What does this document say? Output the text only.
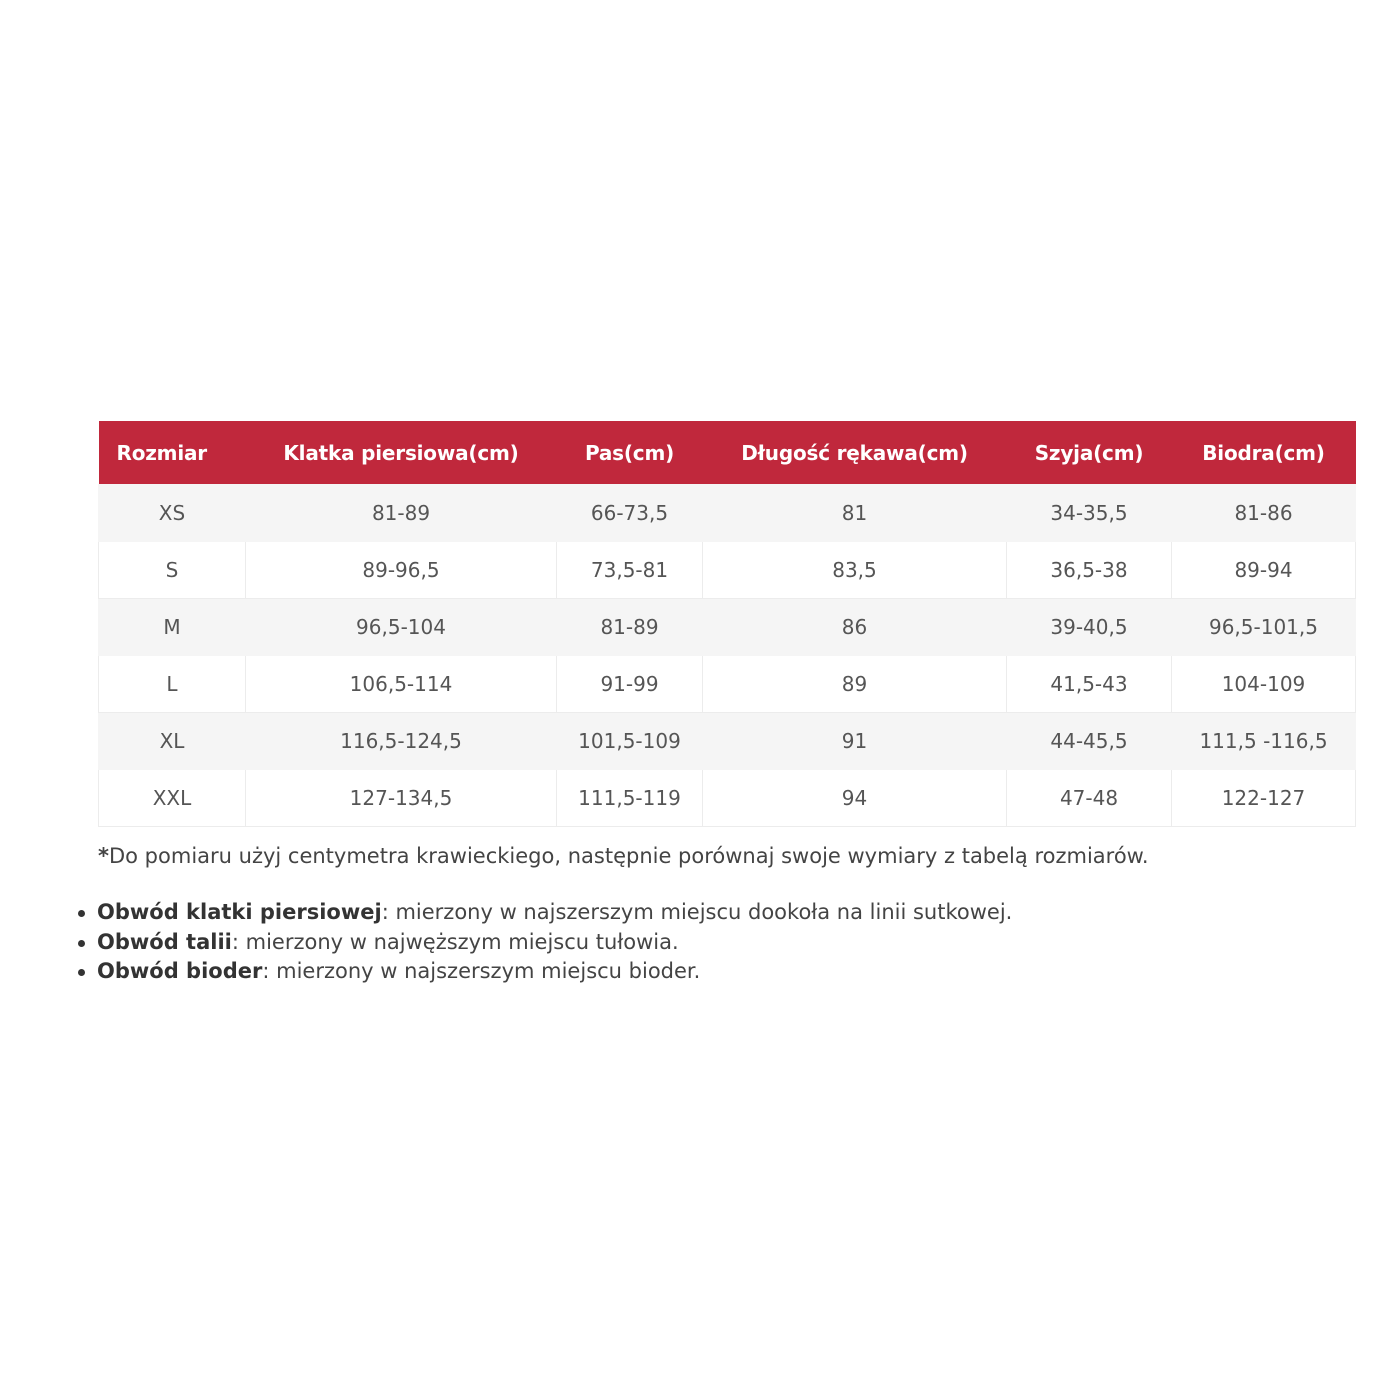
Rozmiar	Klatka piersiowa(cm)	Pas(cm)	Długość rękawa(cm)	Szyja(cm)	Biodra(cm)
XS	81-89	66-73,5	81	34-35,5	81-86
S	89-96,5	73,5-81	83,5	36,5-38	89-94
M	96,5-104	81-89	86	39-40,5	96,5-101,5
L	106,5-114	91-99	89	41,5-43	104-109
XL	116,5-124,5	101,5-109	91	44-45,5	111,5 -116,5
XXL	127-134,5	111,5-119	94	47-48	122-127

*Do pomiaru użyj centymetra krawieckiego, następnie porównaj swoje wymiary z tabelą rozmiarów.

Obwód klatki piersiowej: mierzony w najszerszym miejscu dookoła na linii sutkowej.
Obwód talii: mierzony w najwęższym miejscu tułowia.
Obwód bioder: mierzony w najszerszym miejscu bioder.
